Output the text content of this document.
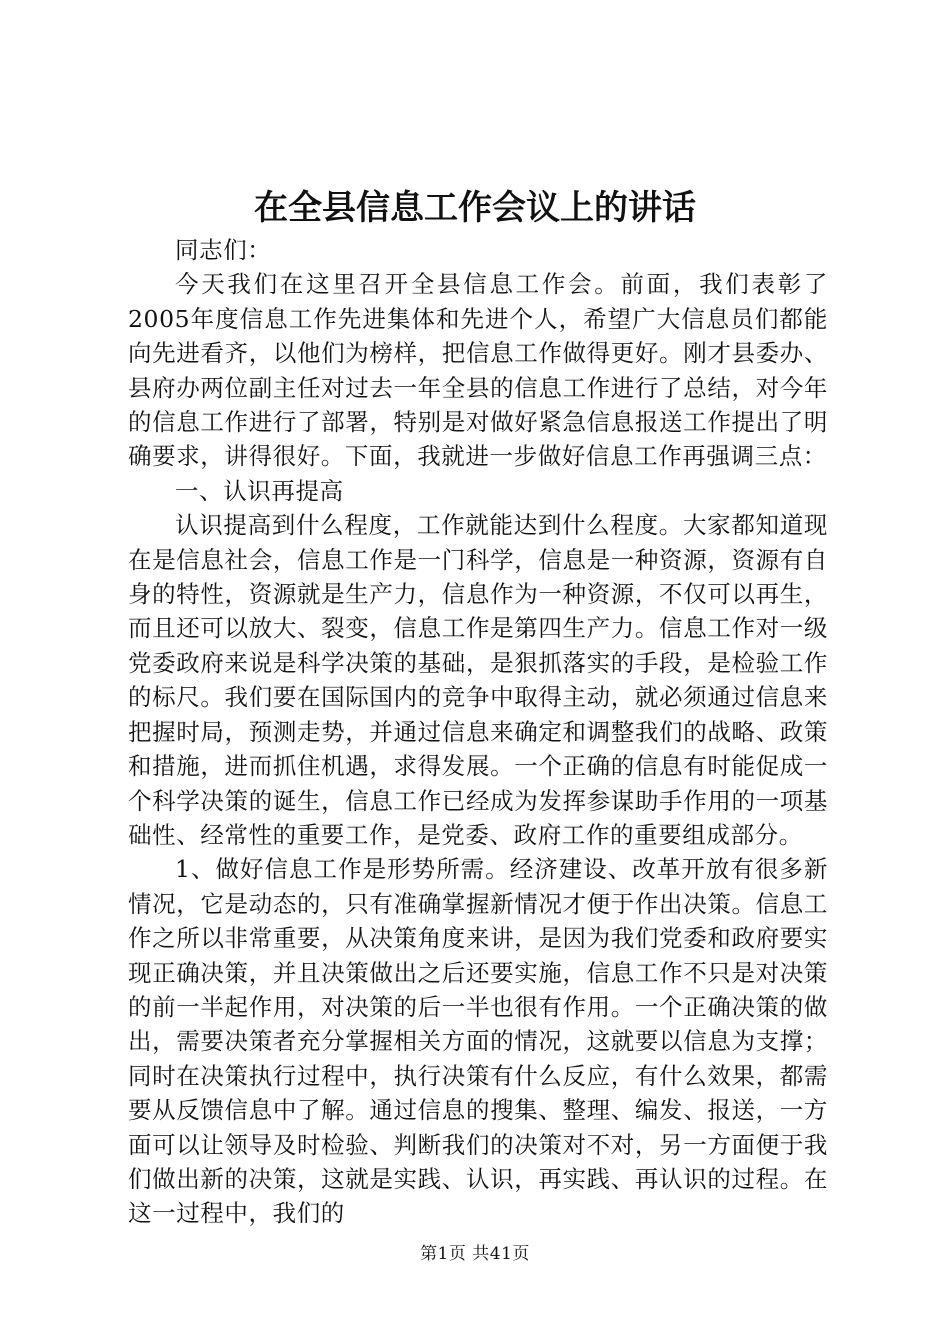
在全县信息工作会议上的讲话

同志们：

今天我们在这里召开全县信息工作会。前面，我们表彰了2005年度信息工作先进集体和先进个人，希望广大信息员们都能向先进看齐，以他们为榜样，把信息工作做得更好。刚才县委办、县府办两位副主任对过去一年全县的信息工作进行了总结，对今年的信息工作进行了部署，特别是对做好紧急信息报送工作提出了明确要求，讲得很好。下面，我就进一步做好信息工作再强调三点：

一、认识再提高

认识提高到什么程度，工作就能达到什么程度。大家都知道现在是信息社会，信息工作是一门科学，信息是一种资源，资源有自身的特性，资源就是生产力，信息作为一种资源，不仅可以再生，而且还可以放大、裂变，信息工作是第四生产力。信息工作对一级党委政府来说是科学决策的基础，是狠抓落实的手段，是检验工作的标尺。我们要在国际国内的竞争中取得主动，就必须通过信息来把握时局，预测走势，并通过信息来确定和调整我们的战略、政策和措施，进而抓住机遇，求得发展。一个正确的信息有时能促成一个科学决策的诞生，信息工作已经成为发挥参谋助手作用的一项基础性、经常性的重要工作，是党委、政府工作的重要组成部分。

1、做好信息工作是形势所需。经济建设、改革开放有很多新情况，它是动态的，只有准确掌握新情况才便于作出决策。信息工作之所以非常重要，从决策角度来讲，是因为我们党委和政府要实现正确决策，并且决策做出之后还要实施，信息工作不只是对决策的前一半起作用，对决策的后一半也很有作用。一个正确决策的做出，需要决策者充分掌握相关方面的情况，这就要以信息为支撑；同时在决策执行过程中，执行决策有什么反应，有什么效果，都需要从反馈信息中了解。通过信息的搜集、整理、编发、报送，一方面可以让领导及时检验、判断我们的决策对不对，另一方面便于我们做出新的决策，这就是实践、认识，再实践、再认识的过程。在这一过程中，我们的

第1页 共41页
